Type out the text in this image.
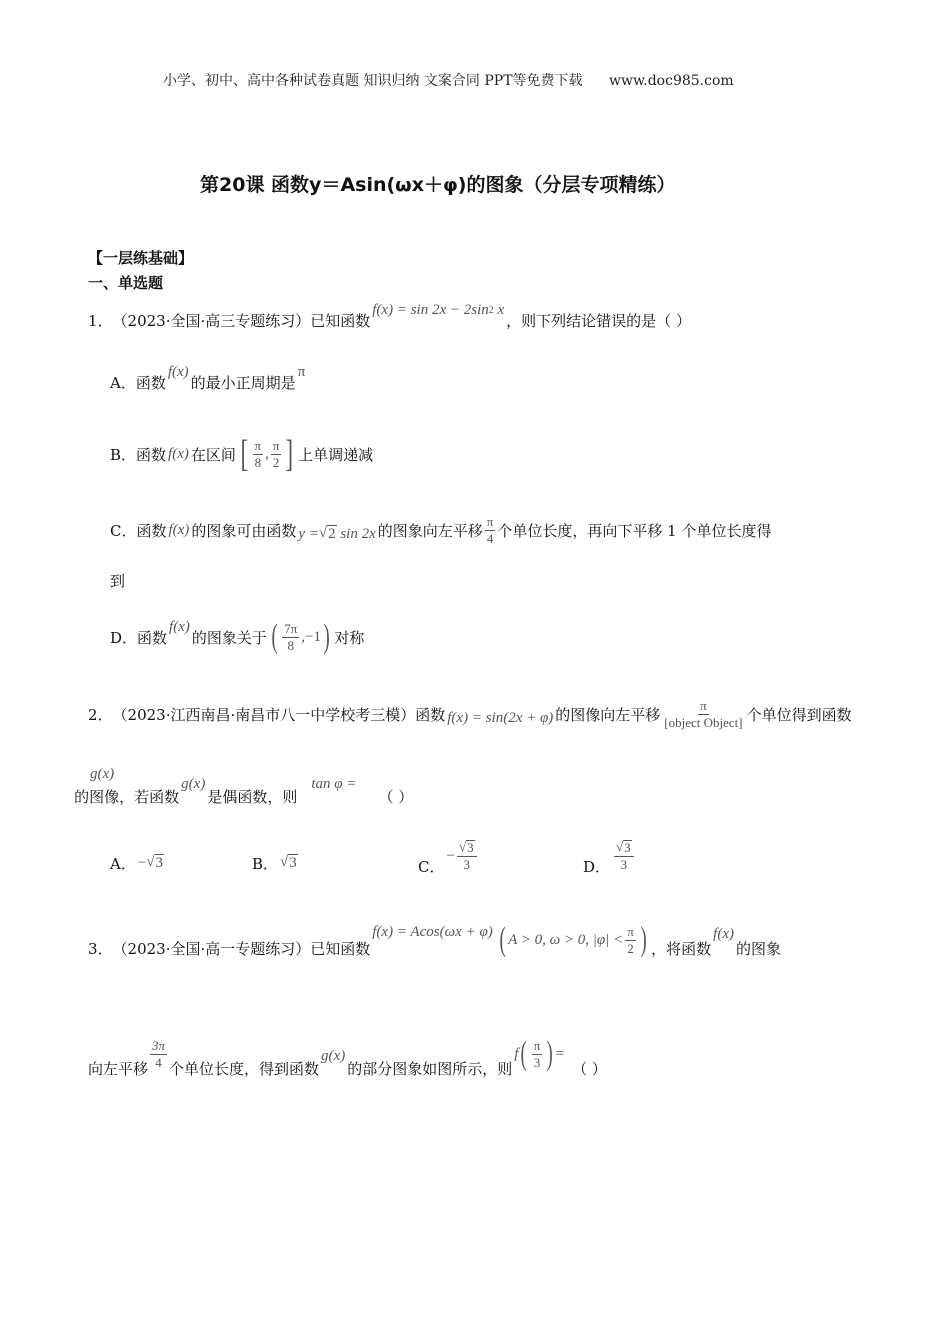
小学、初中、高中各种试卷真题 知识归纳 文案合同 PPT等免费下载 www.doc985.com
第20课 函数y＝Asin(ωx＋φ)的图象（分层专项精练）
【一层练基础】
一、单选题
1． （2023·全国·高三专题练习）已知函数
f(x) = sin 2x − 2sin 2
x
，则下列结论错误的是（ ）
A．函数
f(x)
的最小正周期是
π
B．函数 f(x) 在区间 [ $\frac{\pi}{8}$ , $\frac{\pi}{2}$ ] 上单调递减
C．函数 f(x) 的图象可由函数 y = √ 2
sin 2x 的图象向左平移 $\frac{\pi}{4}$ 个单位长度，再向下平移 1 个单位长度得
到
D．函数
f(x)
的图象关于 ( $\frac{7\pi}{8} ,-1$ ) 对称
2． （2023·江西南昌·南昌市八一中学校考三模）函数 f(x) = sin(2x + φ) 的图像向左平移 $\frac{\pi}{\text{[object Object]}}$ 个单位得到函数
g(x)
的图像，若函数
g(x)
是偶函数，则
tan φ =
（ ）
A． − √ 3	B． √ 3	C．
− $\frac{√ 3}{3}$	D． $\frac{√ 3}{3}$
3． （2023·全国·高一专题练习）已知函数
f(x) = Acos(ωx + φ) ( A > 0, ω > 0, $|\varphi| < \frac{\pi}{2}$ ) ，将函数
f(x)
的图象
向左平移 $\frac{3\pi}{4}$ 个单位长度，得到函数
g(x)
的部分图象如图所示，则
f ( $\frac{\pi}{3}$ ) =
（ ）
